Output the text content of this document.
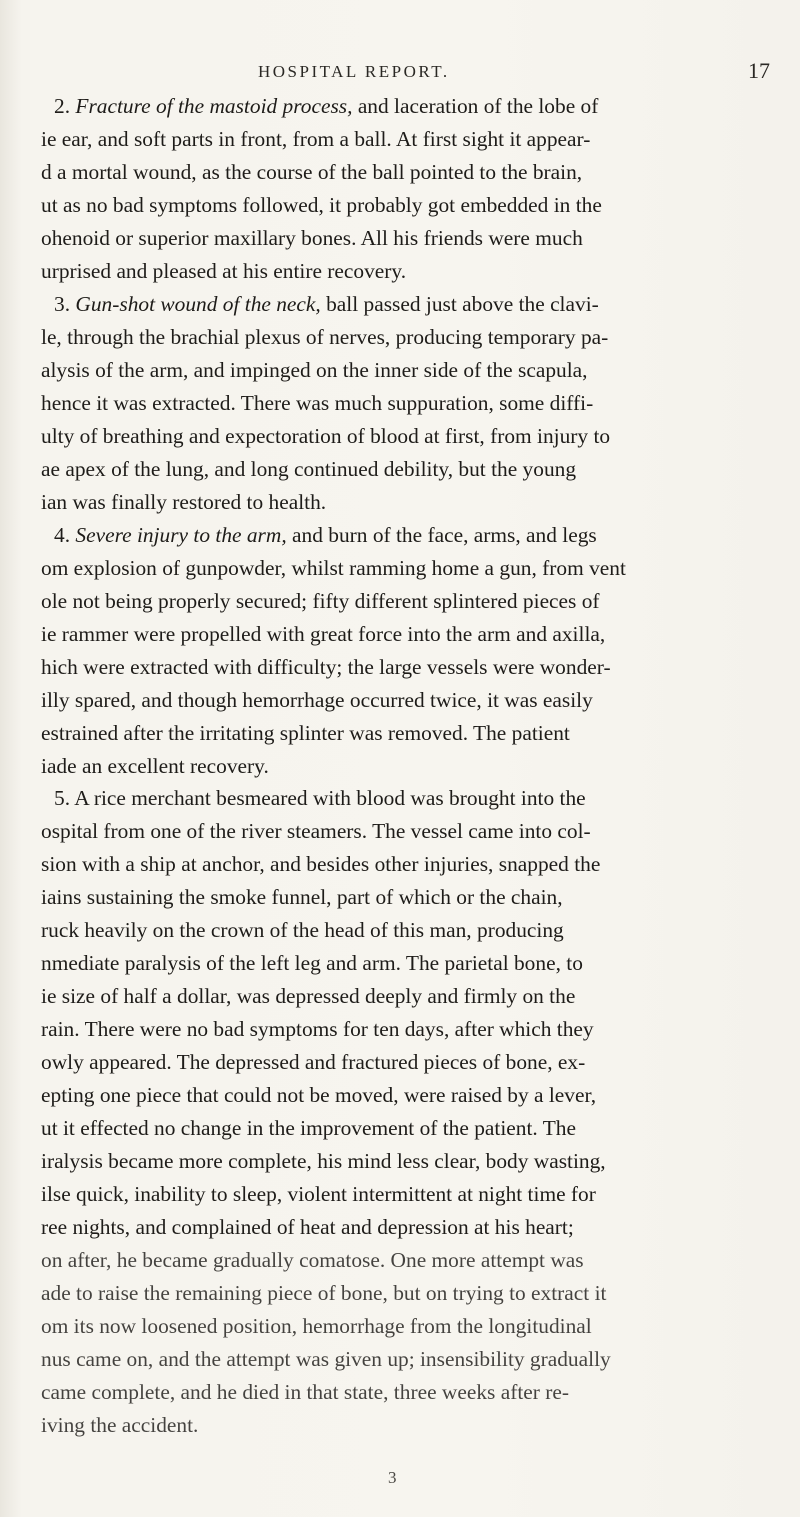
HOSPITAL REPORT.	17
2. Fracture of the mastoid process, and laceration of the lobe of
ie ear, and soft parts in front, from a ball. At first sight it appear-
d a mortal wound, as the course of the ball pointed to the brain,
ut as no bad symptoms followed, it probably got embedded in the
ohenoid or superior maxillary bones. All his friends were much
urprised and pleased at his entire recovery.
3. Gun-shot wound of the neck, ball passed just above the clavi-
le, through the brachial plexus of nerves, producing temporary pa-
alysis of the arm, and impinged on the inner side of the scapula,
hence it was extracted. There was much suppuration, some diffi-
ulty of breathing and expectoration of blood at first, from injury to
ae apex of the lung, and long continued debility, but the young
ian was finally restored to health.
4. Severe injury to the arm, and burn of the face, arms, and legs
om explosion of gunpowder, whilst ramming home a gun, from vent
ole not being properly secured; fifty different splintered pieces of
ie rammer were propelled with great force into the arm and axilla,
hich were extracted with difficulty; the large vessels were wonder-
illy spared, and though hemorrhage occurred twice, it was easily
estrained after the irritating splinter was removed. The patient
iade an excellent recovery.
5. A rice merchant besmeared with blood was brought into the
ospital from one of the river steamers. The vessel came into col-
sion with a ship at anchor, and besides other injuries, snapped the
iains sustaining the smoke funnel, part of which or the chain,
ruck heavily on the crown of the head of this man, producing
nmediate paralysis of the left leg and arm. The parietal bone, to
ie size of half a dollar, was depressed deeply and firmly on the
rain. There were no bad symptoms for ten days, after which they
owly appeared. The depressed and fractured pieces of bone, ex-
epting one piece that could not be moved, were raised by a lever,
ut it effected no change in the improvement of the patient. The
iralysis became more complete, his mind less clear, body wasting,
ilse quick, inability to sleep, violent intermittent at night time for
ree nights, and complained of heat and depression at his heart;
on after, he became gradually comatose. One more attempt was
ade to raise the remaining piece of bone, but on trying to extract it
om its now loosened position, hemorrhage from the longitudinal
nus came on, and the attempt was given up; insensibility gradually
came complete, and he died in that state, three weeks after re-
iving the accident.
3
